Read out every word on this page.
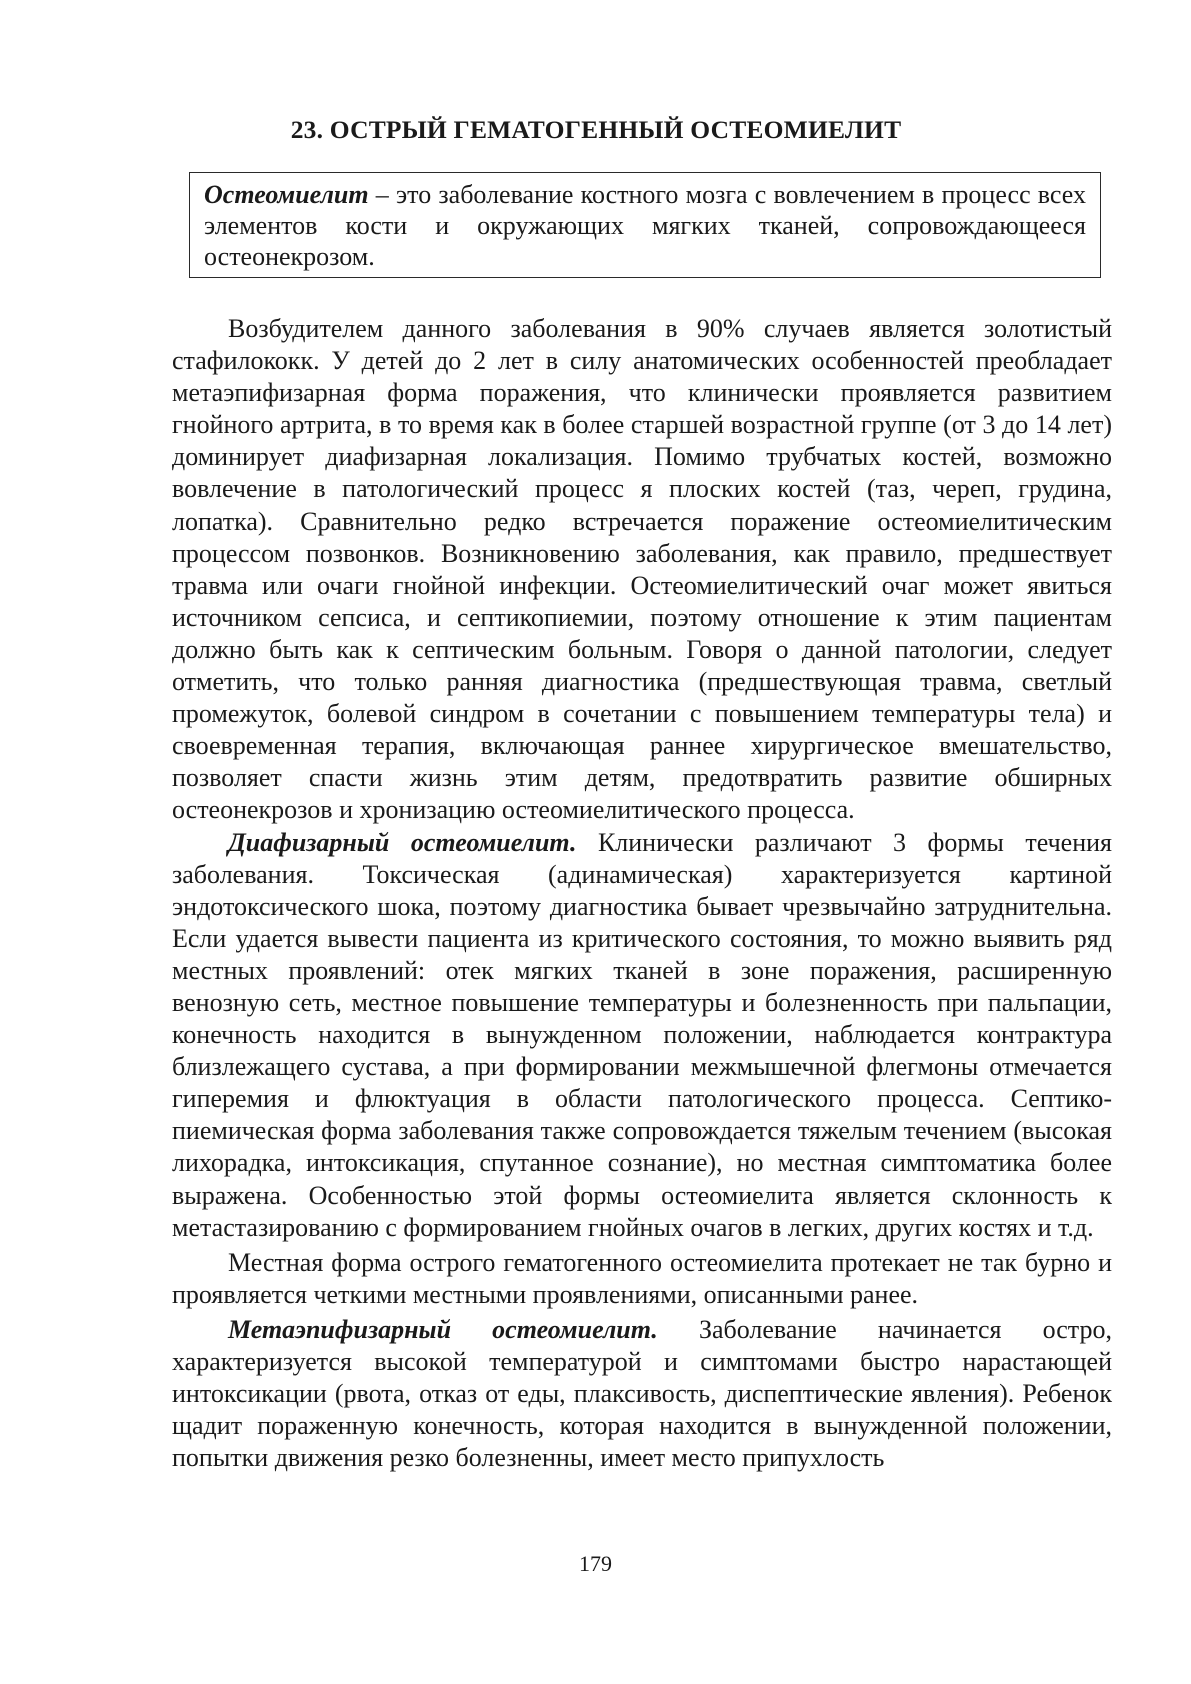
23. ОСТРЫЙ ГЕМАТОГЕННЫЙ ОСТЕОМИЕЛИТ
Остеомиелит – это заболевание костного мозга с вовлечением в процесс всех элементов кости и окружающих мягких тканей, сопровождающееся остеонекрозом.

Возбудителем данного заболевания в 90% случаев является золотистый стафилококк. У детей до 2 лет в силу анатомических особенностей преобладает метаэпифизарная форма поражения, что клинически проявляется развитием гнойного артрита, в то время как в более старшей возрастной группе (от 3 до 14 лет) доминирует диафизарная локализация. Помимо трубчатых костей, возможно вовлечение в патологический процесс я плоских костей (таз, череп, грудина, лопатка). Сравнительно редко встречается поражение остеомиелитическим процессом позвонков. Возникновению заболевания, как правило, предшествует травма или очаги гнойной инфекции. Остеомиелитический очаг может явиться источником сепсиса, и септикопиемии, поэтому отношение к этим пациентам должно быть как к септическим больным. Говоря о данной патологии, следует отметить, что только ранняя диагностика (предшествующая травма, светлый промежуток, болевой синдром в сочетании с повышением температуры тела) и своевременная терапия, включающая раннее хирургическое вмешательство, позволяет спасти жизнь этим детям, предотвратить развитие обширных остеонекрозов и хронизацию остеомиелитического процесса.

Диафизарный остеомиелит. Клинически различают 3 формы течения заболевания. Токсическая (адинамическая) характеризуется картиной эндотоксического шока, поэтому диагностика бывает чрезвычайно затруднительна. Если удается вывести пациента из критического состояния, то можно выявить ряд местных проявлений: отек мягких тканей в зоне поражения, расширенную венозную сеть, местное повышение температуры и болезненность при пальпации, конечность находится в вынужденном положении, наблюдается контрактура близлежащего сустава, а при формировании межмышечной флегмоны отмечается гиперемия и флюктуация в области патологического процесса. Септико-пиемическая форма заболевания также сопровождается тяжелым течением (высокая лихорадка, интоксикация, спутанное сознание), но местная симптоматика более выражена. Особенностью этой формы остеомиелита является склонность к метастазированию с формированием гнойных очагов в легких, других костях и т.д.

Местная форма острого гематогенного остеомиелита протекает не так бурно и проявляется четкими местными проявлениями, описанными ранее.

Метаэпифизарный остеомиелит. Заболевание начинается остро, характеризуется высокой температурой и симптомами быстро нарастающей интоксикации (рвота, отказ от еды, плаксивость, диспептические явления). Ребенок щадит пораженную конечность, которая находится в вынужденной положении, попытки движения резко болезненны, имеет место припухлость

179
